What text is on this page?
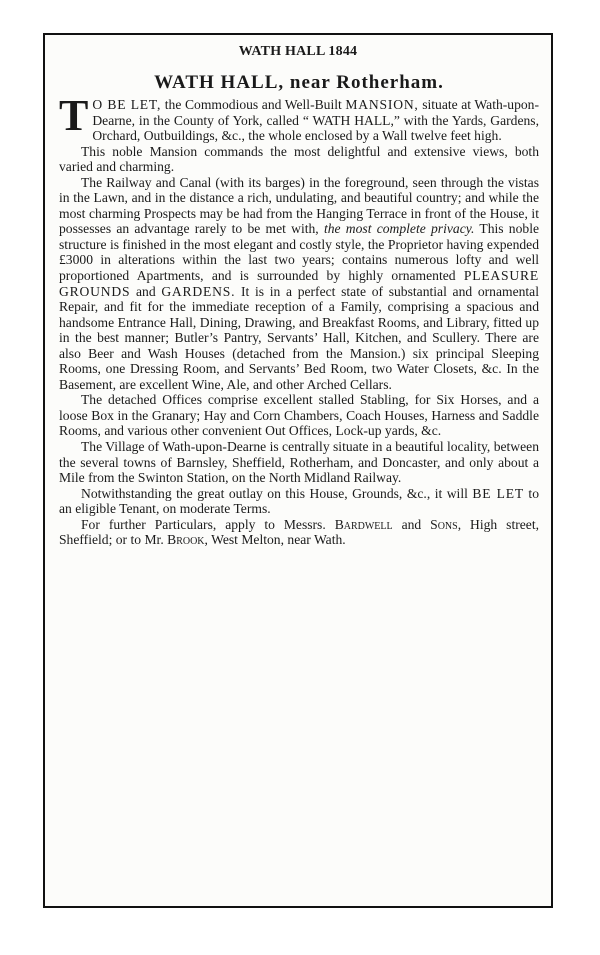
WATH HALL 1844
WATH HALL, near Rotherham.

T O BE LET, the Commodious and Well-Built MANSION, situate at Wath-upon-Dearne, in the County of York, called “ WATH HALL,” with the Yards, Gardens, Orchard, Outbuildings, &c., the whole enclosed by a Wall twelve feet high.

This noble Mansion commands the most delightful and extensive views, both varied and charming.

The Railway and Canal (with its barges) in the foreground, seen through the vistas in the Lawn, and in the distance a rich, undulating, and beautiful country; and while the most charming Prospects may be had from the Hanging Terrace in front of the House, it possesses an advantage rarely to be met with, the most complete privacy. This noble structure is finished in the most elegant and costly style, the Proprietor having expended £3000 in alterations within the last two years; contains numerous lofty and well proportioned Apartments, and is surrounded by highly ornamented PLEASURE GROUNDS and GARDENS. It is in a perfect state of substantial and ornamental Repair, and fit for the immediate reception of a Family, comprising a spacious and handsome Entrance Hall, Dining, Drawing, and Breakfast Rooms, and Library, fitted up in the best manner; Butler’s Pantry, Servants’ Hall, Kitchen, and Scullery. There are also Beer and Wash Houses (detached from the Mansion.) six principal Sleeping Rooms, one Dressing Room, and Servants’ Bed Room, two Water Closets, &c. In the Basement, are excellent Wine, Ale, and other Arched Cellars.

The detached Offices comprise excellent stalled Stabling, for Six Horses, and a loose Box in the Granary; Hay and Corn Chambers, Coach Houses, Harness and Saddle Rooms, and various other convenient Out Offices, Lock-up yards, &c.

The Village of Wath-upon-Dearne is centrally situate in a beautiful locality, between the several towns of Barnsley, Sheffield, Rotherham, and Doncaster, and only about a Mile from the Swinton Station, on the North Midland Railway.

Notwithstanding the great outlay on this House, Grounds, &c., it will BE LET to an eligible Tenant, on moderate Terms.

For further Particulars, apply to Messrs. Bardwell and Sons, High street, Sheffield; or to Mr. Brook, West Melton, near Wath.
